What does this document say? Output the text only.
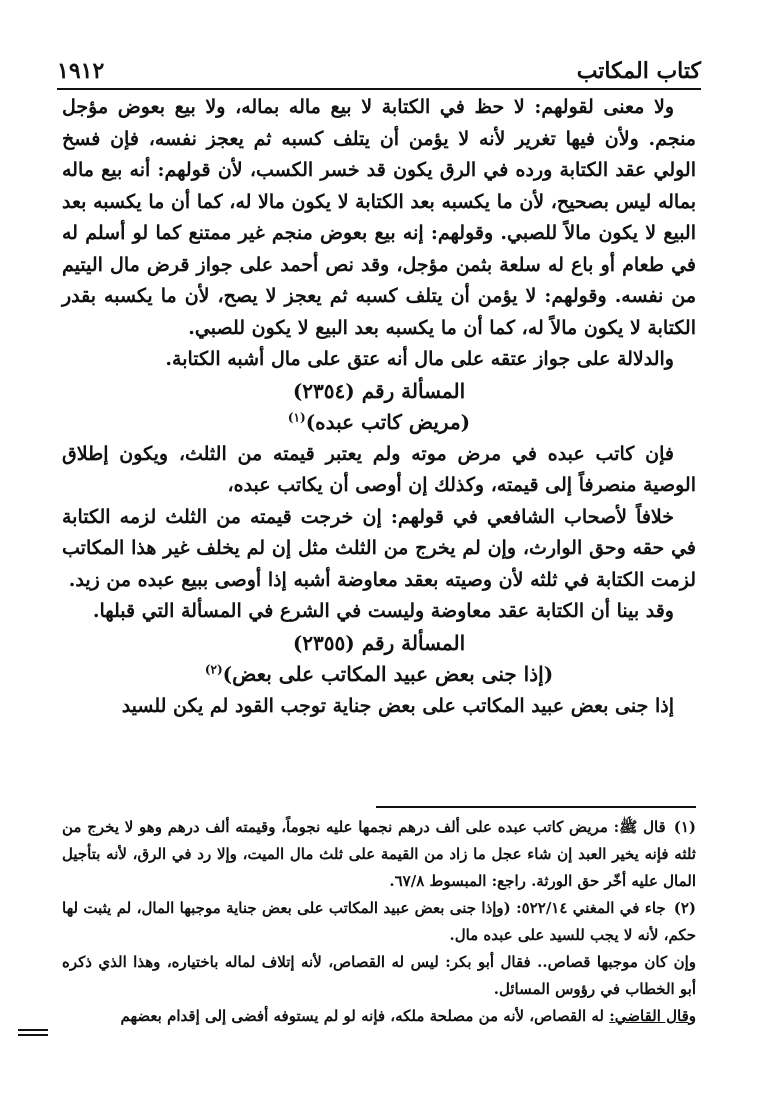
كتاب المكاتب
١٩١٢

ولا معنى لقولهم: لا حظ في الكتابة لا بيع ماله بماله، ولا بيع بعوض مؤجل منجم. ولأن فيها تغرير لأنه لا يؤمن أن يتلف كسبه ثم يعجز نفسه، فإن فسخ الولي عقد الكتابة ورده في الرق يكون قد خسر الكسب، لأن قولهم: أنه بيع ماله بماله ليس بصحيح، لأن ما يكسبه بعد الكتابة لا يكون مالا له، كما أن ما يكسبه بعد البيع لا يكون مالاً للصبي. وقولهم: إنه بيع بعوض منجم غير ممتنع كما لو أسلم له في طعام أو باع له سلعة بثمن مؤجل، وقد نص أحمد على جواز قرض مال اليتيم من نفسه. وقولهم: لا يؤمن أن يتلف كسبه ثم يعجز لا يصح، لأن ما يكسبه بقدر الكتابة لا يكون مالاً له، كما أن ما يكسبه بعد البيع لا يكون للصبي.

والدلالة على جواز عتقه على مال أنه عتق على مال أشبه الكتابة.

المسألة رقم (٢٣٥٤)

(مريض كاتب عبده)$^{(١)}$

فإن كاتب عبده في مرض موته ولم يعتبر قيمته من الثلث، ويكون إطلاق الوصية منصرفاً إلى قيمته، وكذلك إن أوصى أن يكاتب عبده،

خلافاً لأصحاب الشافعي في قولهم: إن خرجت قيمته من الثلث لزمه الكتابة في حقه وحق الوارث، وإن لم يخرج من الثلث مثل إن لم يخلف غير هذا المكاتب لزمت الكتابة في ثلثه لأن وصيته بعقد معاوضة أشبه إذا أوصى ببيع عبده من زيد.

وقد بينا أن الكتابة عقد معاوضة وليست في الشرع في المسألة التي قبلها.

المسألة رقم (٢٣٥٥)

(إذا جنى بعض عبيد المكاتب على بعض)$^{(٢)}$

إذا جنى بعض عبيد المكاتب على بعض جناية توجب القود لم يكن للسيد

(١)قال ﷺ: مريض كاتب عبده على ألف درهم نجمها عليه نجوماً، وقيمته ألف درهم وهو لا يخرج من ثلثه فإنه يخير العبد إن شاء عجل ما زاد من القيمة على ثلث مال الميت، وإلا رد في الرق، لأنه بتأجيل المال عليه أخّر حق الورثة. راجع: المبسوط ٦٧/٨.

(٢)جاء في المغني ٥٢٢/١٤: (وإذا جنى بعض عبيد المكاتب على بعض جناية موجبها المال، لم يثبت لها حكم، لأنه لا يجب للسيد على عبده مال.

وإن كان موجبها قصاص.. فقال أبو بكر: ليس له القصاص، لأنه إتلاف لماله باختياره، وهذا الذي ذكره أبو الخطاب في رؤوس المسائل.

وقال القاضي: له القصاص، لأنه من مصلحة ملكه، فإنه لو لم يستوفه أفضى إلى إقدام بعضهم
